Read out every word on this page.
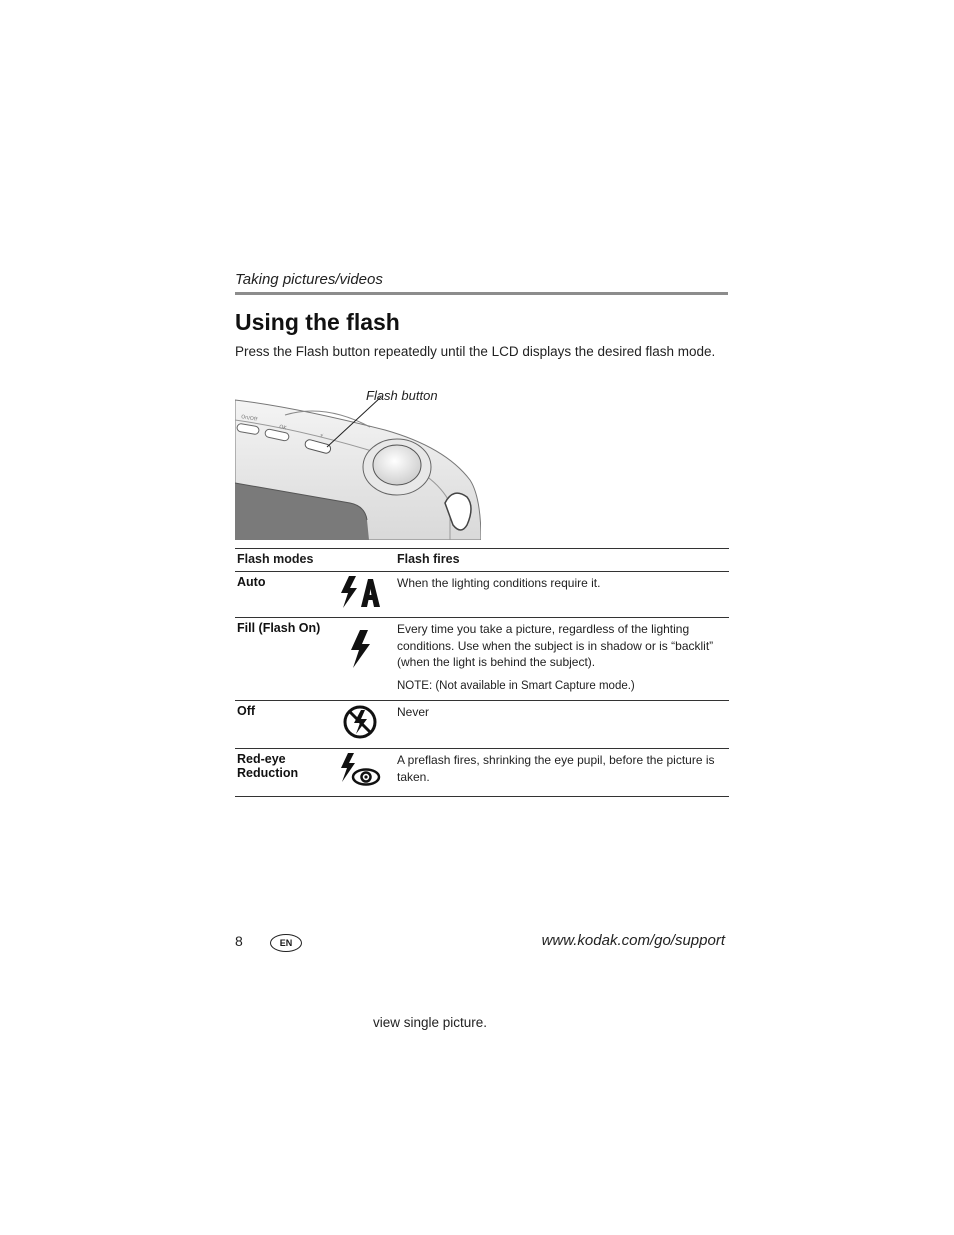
Taking pictures/videos
Using the flash
Press the Flash button repeatedly until the LCD displays the desired flash mode.
On/Off
OK
⚡
Flash button
Flash modes		Flash fires
Auto		When the lighting conditions require it.
Fill (Flash On)		Every time you take a picture, regardless of the lighting conditions. Use when the subject is in shadow or is “backlit” (when the light is behind the subject).
NOTE: (Not available in Smart Capture mode.)

Off		Never
Red-eye Reduction		A preflash fires, shrinking the eye pupil, before the picture is taken.
8	EN	www.kodak.com/go/support
view single picture.
